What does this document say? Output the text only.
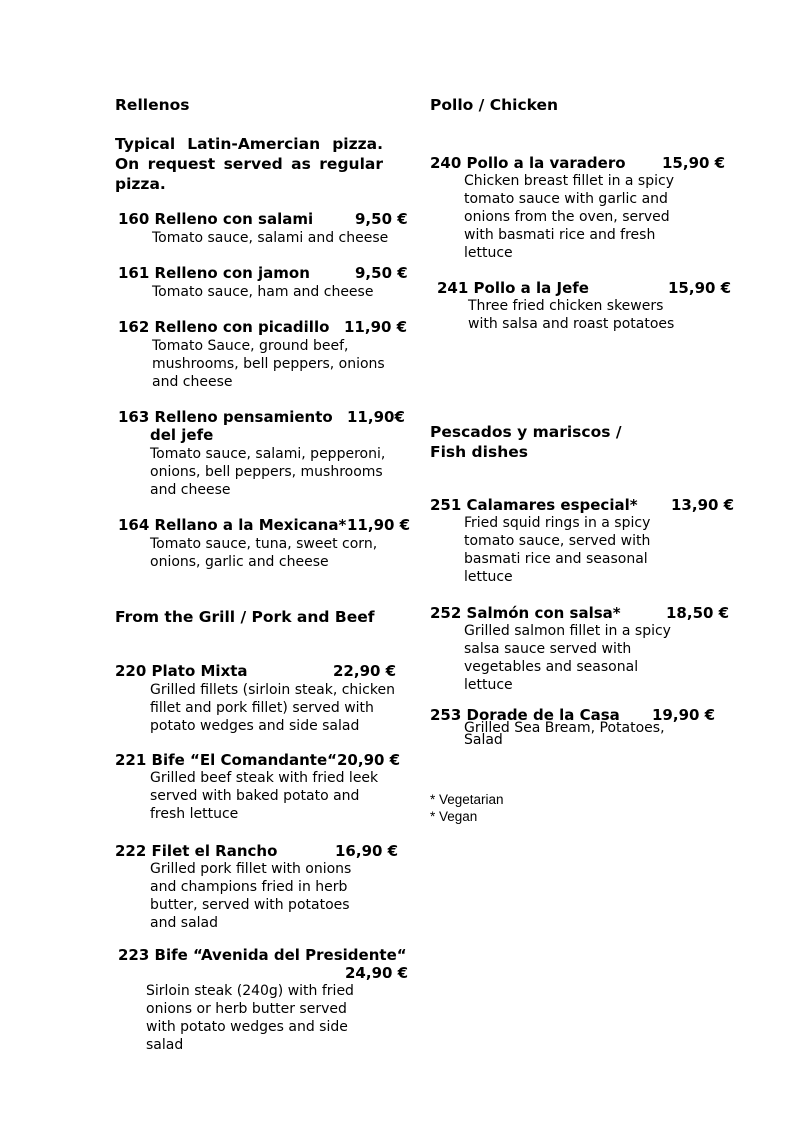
Rellenos
Typical Latin-Amercian pizza. On request served as regular pizza.
160 Relleno con salami	9,50 €
Tomato sauce, salami and cheese
161 Relleno con jamon	9,50 €
Tomato sauce, ham and cheese
162 Relleno con picadillo 11,90 €
Tomato Sauce, ground beef,
mushrooms, bell peppers, onions
and cheese
163 Relleno pensamiento 11,90€
del jefe
Tomato sauce, salami, pepperoni,
onions, bell peppers, mushrooms
and cheese
164 Rellano a la Mexicana* 11,90 €
Tomato sauce, tuna, sweet corn,
onions, garlic and cheese
From the Grill / Pork and Beef
220 Plato Mixta	22,90 €
Grilled fillets (sirloin steak, chicken
fillet and pork fillet) served with
potato wedges and side salad
221 Bife “El Comandante“20,90 €
Grilled beef steak with fried leek
served with baked potato and
fresh lettuce
222 Filet el Rancho	16,90 €
Grilled pork fillet with onions
and champions fried in herb
butter, served with potatoes
and salad
223 Bife “Avenida del Presidente“
24,90 €
Sirloin steak (240g) with fried
onions or herb butter served
with potato wedges and side
salad
Pollo / Chicken
240 Pollo a la varadero 15,90 €
Chicken breast fillet in a spicy
tomato sauce with garlic and
onions from the oven, served
with basmati rice and fresh
lettuce
241 Pollo a la Jefe	15,90 €
Three fried chicken skewers
with salsa and roast potatoes
Pescados y mariscos /
Fish dishes
251 Calamares especial* 13,90 €
Fried squid rings in a spicy
tomato sauce, served with
basmati rice and seasonal
lettuce
252 Salmón con salsa*	18,50 €
Grilled salmon fillet in a spicy
salsa sauce served with
vegetables and seasonal
lettuce
253 Dorade de la Casa 19,90 €
Grilled Sea Bream, Potatoes,
Salad
* Vegetarian
* Vegan
